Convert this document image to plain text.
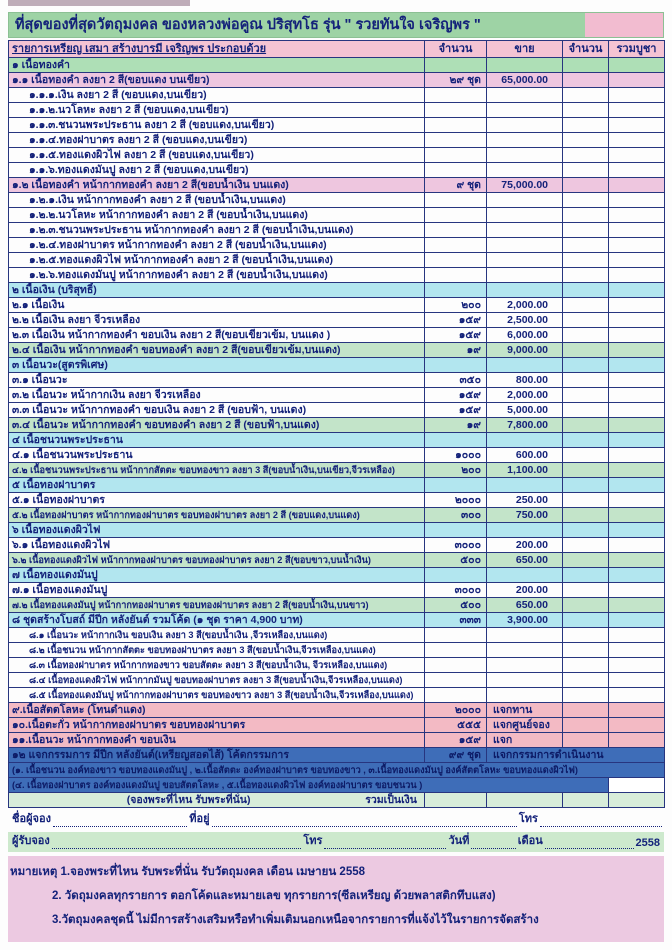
ที่สุดของที่สุดวัตถุมงคล ของหลวงพ่อคูณ ปริสุทโธ รุ่น " รวยทันใจ เจริญพร "
รายการเหรียญ เสมา สร้างบารมี เจริญพร ประกอบด้วย	จำนวน	ขาย	จำนวน	รวมบูชา
๑ เนื้อทองคำ				
๑.๑ เนื้อทองคำ ลงยา 2 สี(ขอบแดง บนเขียว)	๒๙ ชุด	65,000.00		
๑.๑.๑.เงิน ลงยา 2 สี (ขอบแดง,บนเขียว)				
๑.๑.๒.นวโลหะ ลงยา 2 สี (ขอบแดง,บนเขียว)				
๑.๑.๓.ชนวนพระประธาน ลงยา 2 สี (ขอบแดง,บนเขียว)				
๑.๑.๔.ทองฝาบาตร ลงยา 2 สี (ขอบแดง,บนเขียว)				
๑.๑.๕.ทองแดงผิวไฟ ลงยา 2 สี (ขอบแดง,บนเขียว)				
๑.๑.๖.ทองแดงมันปู ลงยา 2 สี (ขอบแดง,บนเขียว)				
๑.๒ เนื้อทองคำ หน้ากากทองคำ ลงยา 2 สี(ขอบน้ำเงิน บนแดง)	๙ ชุด	75,000.00		
๑.๒.๑.เงิน หน้ากากทองคำ ลงยา 2 สี (ขอบน้ำเงิน,บนแดง)				
๑.๒.๒.นวโลหะ หน้ากากทองคำ ลงยา 2 สี (ขอบน้ำเงิน,บนแดง)				
๑.๒.๓.ชนวนพระประธาน หน้ากากทองคำ ลงยา 2 สี (ขอบน้ำเงิน,บนแดง)				
๑.๒.๔.ทองฝาบาตร หน้ากากทองคำ ลงยา 2 สี (ขอบน้ำเงิน,บนแดง)				
๑.๒.๕.ทองแดงผิวไฟ หน้ากากทองคำ ลงยา 2 สี (ขอบน้ำเงิน,บนแดง)				
๑.๒.๖.ทองแดงมันปู หน้ากากทองคำ ลงยา 2 สี (ขอบน้ำเงิน,บนแดง)				
๒ เนื้อเงิน (บริสุทธิ์)				
๒.๑ เนื้อเงิน	๒๐๐	2,000.00		
๒.๒ เนื้อเงิน ลงยา จีวรเหลือง	๑๕๙	2,500.00		
๒.๓ เนื้อเงิน หน้ากากทองคำ ขอบเงิน ลงยา 2 สี(ขอบเขียวเข้ม, บนแดง )	๑๕๙	6,000.00		
๒.๔ เนื้อเงิน หน้ากากทองคำ ขอบทองคำ ลงยา 2 สี(ขอบเขียวเข้ม,บนแดง)	๑๙	9,000.00		
๓ เนื้อนวะ(สูตรพิเศษ)				
๓.๑ เนื้อนวะ	๓๕๐	800.00		
๓.๒ เนื้อนวะ หน้ากากเงิน ลงยา จีวรเหลือง	๑๕๙	2,000.00		
๓.๓ เนื้อนวะ หน้ากากทองคำ ขอบเงิน ลงยา 2 สี (ขอบฟ้า, บนแดง)	๑๕๙	5,000.00		
๓.๔ เนื้อนวะ หน้ากากทองคำ ขอบทองคำ ลงยา 2 สี (ขอบฟ้า,บนแดง)	๑๙	7,800.00		
๔ เนื้อชนวนพระประธาน				
๔.๑ เนื้อชนวนพระประธาน	๑๐๐๐	600.00		
๔.๒ เนื้อชนวนพระประธาน หน้ากากสัตตะ ขอบทองขาว ลงยา 3 สี(ขอบน้ำเงิน,บนเขียว,จีวรเหลือง)	๒๐๐	1,100.00		
๕ เนื้อทองฝาบาตร				
๕.๑ เนื้อทองฝาบาตร	๒๐๐๐	250.00		
๕.๒ เนื้อทองฝาบาตร หน้ากากทองฝาบาตร ขอบทองฝาบาตร ลงยา 2 สี (ขอบแดง,บนแดง)	๓๐๐	750.00		
๖ เนื้อทองแดงผิวไฟ				
๖.๑ เนื้อทองแดงผิวไฟ	๓๐๐๐	200.00		
๖.๒ เนื้อทองแดงผิวไฟ หน้ากากทองฝาบาตร ขอบทองฝาบาตร ลงยา 2 สี(ขอบขาว,บนน้ำเงิน)	๕๐๐	650.00		
๗ เนื้อทองแดงมันปู				
๗.๑ เนื้อทองแดงมันปู	๓๐๐๐	200.00		
๗.๒ เนื้อทองแดงมันปู หน้ากากทองฝาบาตร ขอบทองฝาบาตร ลงยา 2 สี(ขอบน้ำเงิน,บนขาว)	๕๐๐	650.00		
๘ ชุดสร้างโบสถ์ มีปีก หลังยันต์ รวมโค้ด (๑ ชุด ราคา 4,900 บาท)	๓๓๓	3,900.00		
๘.๑ เนื้อนวะ หน้ากากเงิน ขอบเงิน ลงยา 3 สี(ขอบน้ำเงิน ,จีวรเหลือง,บนแดง)				
๘.๒ เนื้อชนวน หน้ากากสัตตะ ขอบทองฝาบาตร ลงยา 3 สี(ขอบน้ำเงิน,จีวรเหลือง,บนแดง)				
๘.๓ เนื้อทองฝาบาตร หน้ากากทองขาว ขอบสัตตะ ลงยา 3 สี(ขอบน้ำเงิน, จีวรเหลือง,บนแดง)				
๘.๔ เนื้อทองแดงผิวไฟ หน้ากากมันปู ขอบทองฝาบาตร ลงยา 3 สี(ขอบน้ำเงิน,จีวรเหลือง,บนแดง)				
๘.๕ เนื้อทองแดงมันปู หน้ากากทองฝาบาตร ขอบทองขาว ลงยา 3 สี(ขอบน้ำเงิน,จีวรเหลือง,บนแดง)				
๙.เนื้อสัตตโลหะ (โทนดำแดง)	๒๐๐๐	แจกทาน		
๑๐.เนื้อตะกั่ว หน้ากากทองฝาบาตร ขอบทองฝาบาตร	๕๕๕	แจกศูนย์จอง		
๑๑.เนื้อนวะ หน้ากากทองคำ ขอบเงิน	๑๕๙	แจก		
๑๒ แจกกรรมการ มีปีก หลังยันต์(เหรียญสอดไส้) โค้ดกรรมการ	๙๙ ชุด	แจกกรรมการดำเนินงาน		
(๑. เนื้อชนวน องค์ทองขาว ขอบทองแดงมันปู , ๒.เนื้อสัตตะ องค์ทองฝาบาตร ขอบทองขาว , ๓.เนื้อทองแดงมันปู องค์สัตตโลหะ ขอบทองแดงผิวไฟ)				
(๔. เนื้อทองฝาบาตร องค์ทองแดงมันปู ขอบสัตตโลหะ , ๕.เนื้อทองแดงผิวไฟ องค์ทองฝาบาตร ขอบชนวน )				

(จองพระที่ไหน รับพระที่นั่น) รวมเป็นเงิน				

ชื่อผู้จอง	ที่อยู่	โทร
ผู้รับจอง	โทร	วันที่	เดือน	2558
หมายเหตุ 1.จองพระที่ไหน รับพระที่นั่น รับวัตถุมงคล เดือน เมษายน 2558
2. วัดถุมงคลทุกรายการ ตอกโค้ดและหมายเลข ทุกรายการ(ซีลเหรียญ ด้วยพลาสติกทึบแสง)
3.วัตถุมงคลชุดนี้ ไม่มีการสร้างเสริมหรือทำเพิ่มเติมนอกเหนือจากรายการที่แจ้งไว้ในรายการจัดสร้าง
